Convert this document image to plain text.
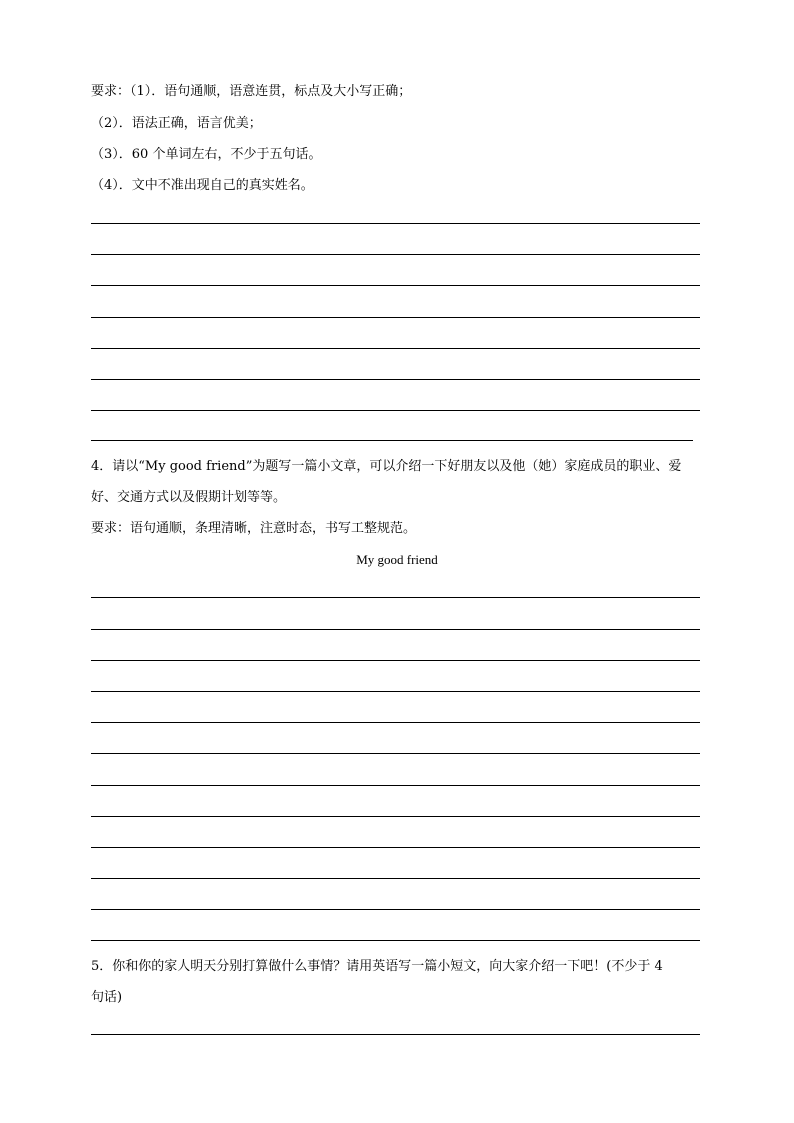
要求：（1）．语句通顺，语意连贯，标点及大小写正确；
（2）．语法正确，语言优美；
（3）．60 个单词左右，不少于五句话。
（4）．文中不准出现自己的真实姓名。
4．请以“My good friend”为题写一篇小文章，可以介绍一下好朋友以及他（她）家庭成员的职业、爱
好、交通方式以及假期计划等等。
要求：语句通顺，条理清晰，注意时态，书写工整规范。
My good friend
5．你和你的家人明天分别打算做什么事情？请用英语写一篇小短文，向大家介绍一下吧！(不少于 4
句话)
